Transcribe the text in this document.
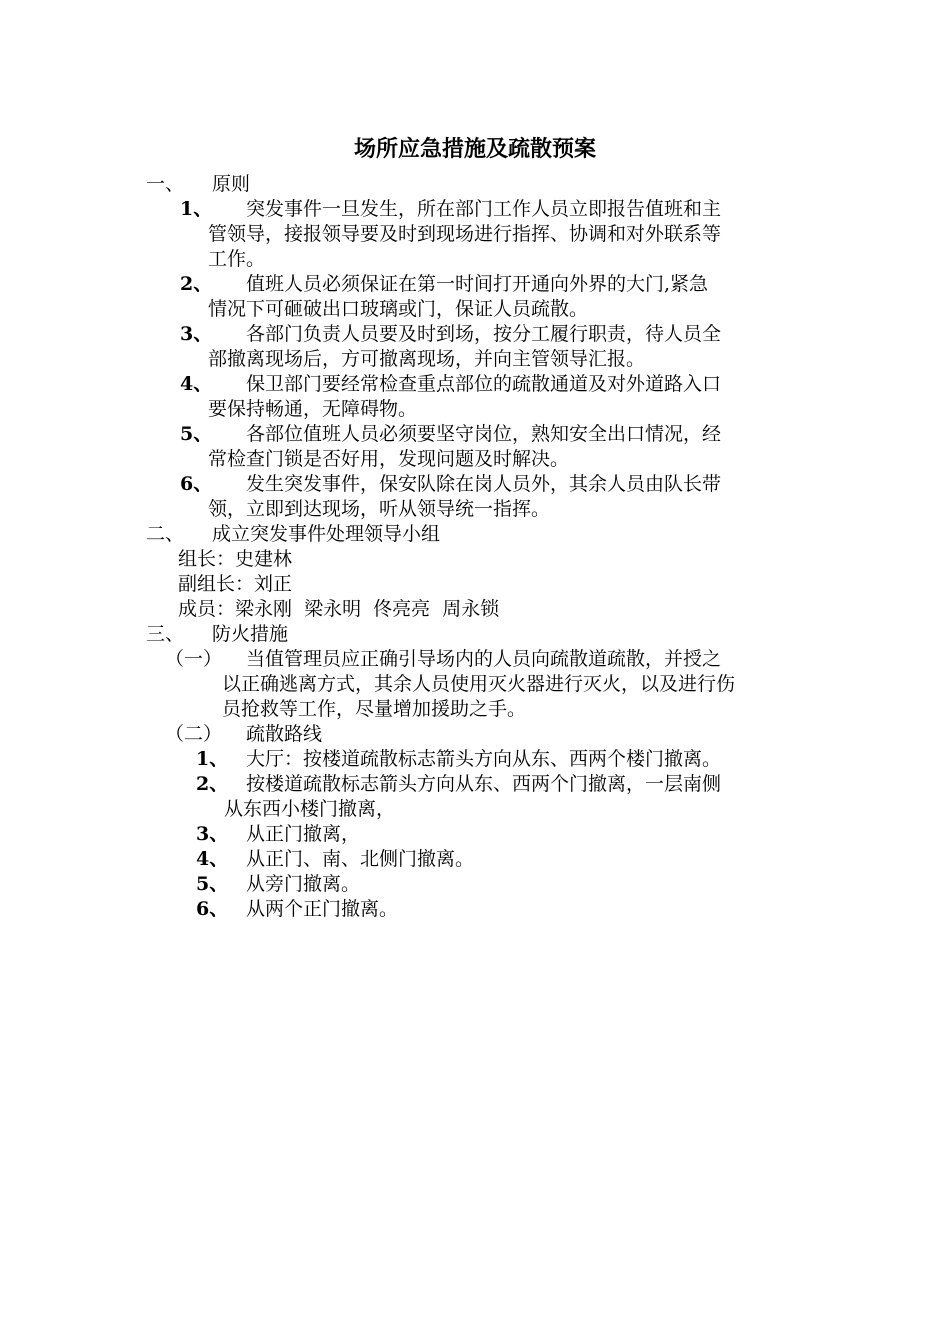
场所应急措施及疏散预案
一、 原则
1、 突发事件一旦发生，所在部门工作人员立即报告值班和主
管领导，接报领导要及时到现场进行指挥、协调和对外联系等
工作。
2、 值班人员必须保证在第一时间打开通向外界的大门,紧急
情况下可砸破出口玻璃或门，保证人员疏散。
3、 各部门负责人员要及时到场，按分工履行职责，待人员全
部撤离现场后，方可撤离现场，并向主管领导汇报。
4、 保卫部门要经常检查重点部位的疏散通道及对外道路入口
要保持畅通，无障碍物。
5、 各部位值班人员必须要坚守岗位，熟知安全出口情况，经
常检查门锁是否好用，发现问题及时解决。
6、 发生突发事件，保安队除在岗人员外，其余人员由队长带
领，立即到达现场，听从领导统一指挥。
二、 成立突发事件处理领导小组
组长：史建林
副组长：刘正
成员：梁永刚  梁永明  佟亮亮  周永锁
三、 防火措施
（一） 当值管理员应正确引导场内的人员向疏散道疏散，并授之
以正确逃离方式，其余人员使用灭火器进行灭火，以及进行伤
员抢救等工作，尽量增加援助之手。
（二） 疏散路线
1、 大厅：按楼道疏散标志箭头方向从东、西两个楼门撤离。
2、 按楼道疏散标志箭头方向从东、西两个门撤离，一层南侧
从东西小楼门撤离，
3、 从正门撤离，
4、 从正门、南、北侧门撤离。
5、 从旁门撤离。
6、 从两个正门撤离。
